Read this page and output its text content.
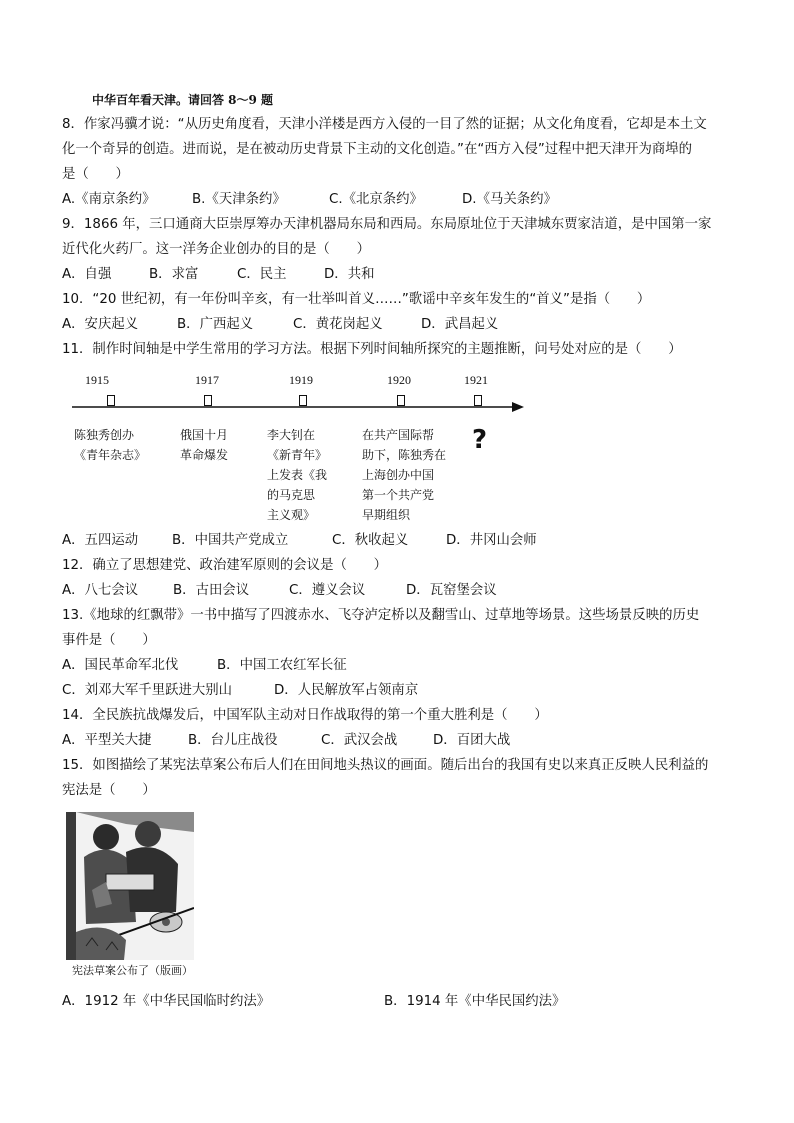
中华百年看天津。请回答 8～9 题
8．作家冯骥才说：“从历史角度看，天津小洋楼是西方入侵的一目了然的证据；从文化角度看，它却是本土文
化一个奇异的创造。进而说，是在被动历史背景下主动的文化创造。”在“西方入侵”过程中把天津开为商埠的
是（　　）
A.《南京条约》	B.《天津条约》	C.《北京条约》	D.《马关条约》
9．1866 年，三口通商大臣崇厚筹办天津机器局东局和西局。东局原址位于天津城东贾家洁道，是中国第一家
近代化火药厂。这一洋务企业创办的目的是（　　）
A．自强	B．求富	C．民主	D．共和
10．“20 世纪初，有一年份叫辛亥，有一壮举叫首义……”歌谣中辛亥年发生的“首义”是指（　　）
A．安庆起义	B．广西起义	C．黄花岗起义	D．武昌起义
11．制作时间轴是中学生常用的学习方法。根据下列时间轴所探究的主题推断，问号处对应的是（　　）
1915	1917	1919	1920	1921
陈独秀创办
《青年杂志》
俄国十月
革命爆发
李大钊在
《新青年》
上发表《我
的马克思
主义观》
在共产国际帮
助下，陈独秀在
上海创办中国
第一个共产党
早期组织
?
A．五四运动	B．中国共产党成立	C．秋收起义	D．井冈山会师
12．确立了思想建党、政治建军原则的会议是（　　）
A．八七会议	B．古田会议	C．遵义会议	D．瓦窑堡会议
13.《地球的红飘带》一书中描写了四渡赤水、飞夺泸定桥以及翻雪山、过草地等场景。这些场景反映的历史
事件是（　　）
A．国民革命军北伐	B．中国工农红军长征
C．刘邓大军千里跃进大别山	D．人民解放军占领南京
14．全民族抗战爆发后，中国军队主动对日作战取得的第一个重大胜利是（　　）
A．平型关大捷	B．台儿庄战役	C．武汉会战	D．百团大战
15．如图描绘了某宪法草案公布后人们在田间地头热议的画面。随后出台的我国有史以来真正反映人民利益的
宪法是（　　）
宪法草案公布了（版画）
A．1912 年《中华民国临时约法》	B．1914 年《中华民国约法》
